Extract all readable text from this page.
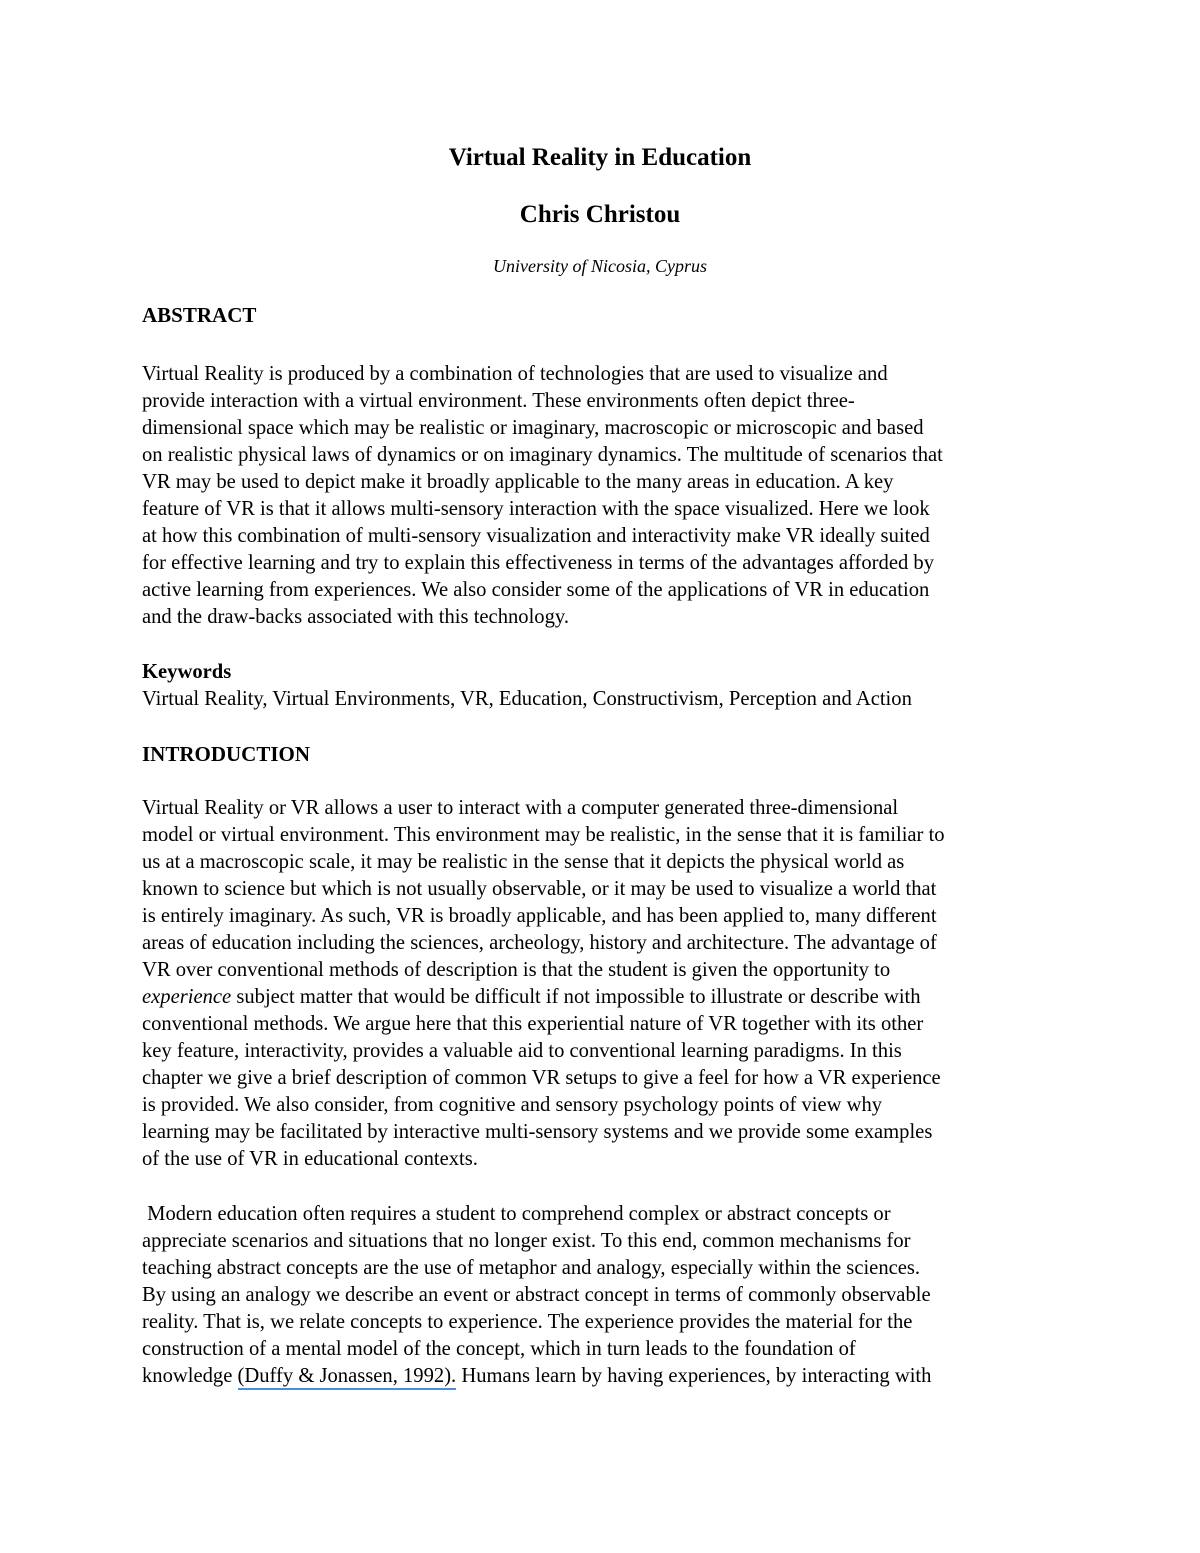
Virtual Reality in Education
Chris Christou
University of Nicosia, Cyprus
ABSTRACT
Virtual Reality is produced by a combination of technologies that are used to visualize and
provide interaction with a virtual environment. These environments often depict three-
dimensional space which may be realistic or imaginary, macroscopic or microscopic and based
on realistic physical laws of dynamics or on imaginary dynamics. The multitude of scenarios that
VR may be used to depict make it broadly applicable to the many areas in education. A key
feature of VR is that it allows multi-sensory interaction with the space visualized. Here we look
at how this combination of multi-sensory visualization and interactivity make VR ideally suited
for effective learning and try to explain this effectiveness in terms of the advantages afforded by
active learning from experiences. We also consider some of the applications of VR in education
and the draw-backs associated with this technology.
Keywords
Virtual Reality, Virtual Environments, VR, Education, Constructivism, Perception and Action
INTRODUCTION
Virtual Reality or VR allows a user to interact with a computer generated three-dimensional
model or virtual environment. This environment may be realistic, in the sense that it is familiar to
us at a macroscopic scale, it may be realistic in the sense that it depicts the physical world as
known to science but which is not usually observable, or it may be used to visualize a world that
is entirely imaginary. As such, VR is broadly applicable, and has been applied to, many different
areas of education including the sciences, archeology, history and architecture. The advantage of
VR over conventional methods of description is that the student is given the opportunity to
experience subject matter that would be difficult if not impossible to illustrate or describe with
conventional methods. We argue here that this experiential nature of VR together with its other
key feature, interactivity, provides a valuable aid to conventional learning paradigms. In this
chapter we give a brief description of common VR setups to give a feel for how a VR experience
is provided. We also consider, from cognitive and sensory psychology points of view why
learning may be facilitated by interactive multi-sensory systems and we provide some examples
of the use of VR in educational contexts.
Modern education often requires a student to comprehend complex or abstract concepts or
appreciate scenarios and situations that no longer exist. To this end, common mechanisms for
teaching abstract concepts are the use of metaphor and analogy, especially within the sciences.
By using an analogy we describe an event or abstract concept in terms of commonly observable
reality. That is, we relate concepts to experience. The experience provides the material for the
construction of a mental model of the concept, which in turn leads to the foundation of
knowledge (Duffy & Jonassen, 1992). Humans learn by having experiences, by interacting with
